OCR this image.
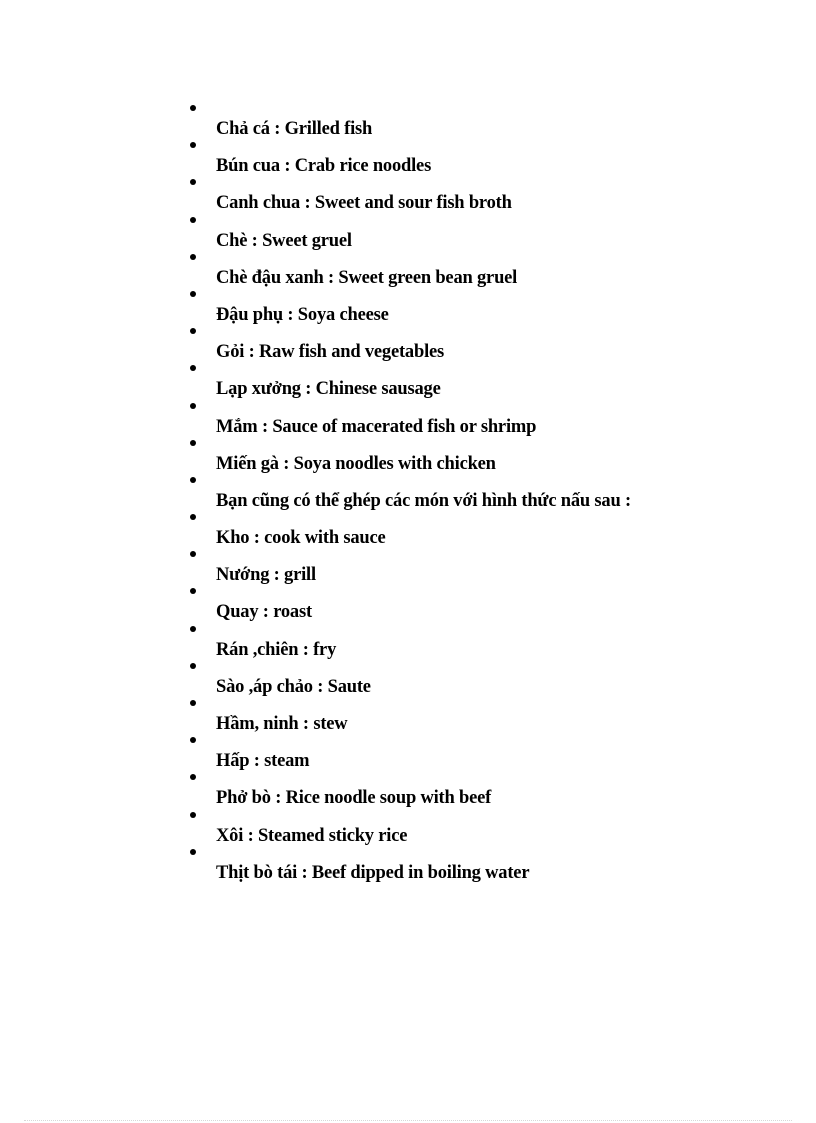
Chả cá : Grilled fish
Bún cua : Crab rice noodles
Canh chua : Sweet and sour fish broth
Chè : Sweet gruel
Chè đậu xanh : Sweet green bean gruel
Đậu phụ : Soya cheese
Gỏi : Raw fish and vegetables
Lạp xưởng : Chinese sausage
Mắm : Sauce of macerated fish or shrimp
Miến gà : Soya noodles with chicken
Bạn cũng có thể ghép các món với hình thức nấu sau :
Kho : cook with sauce
Nướng : grill
Quay : roast
Rán ,chiên : fry
Sào ,áp chảo : Saute
Hầm, ninh : stew
Hấp : steam
Phở bò : Rice noodle soup with beef
Xôi : Steamed sticky rice
Thịt bò tái : Beef dipped in boiling water
